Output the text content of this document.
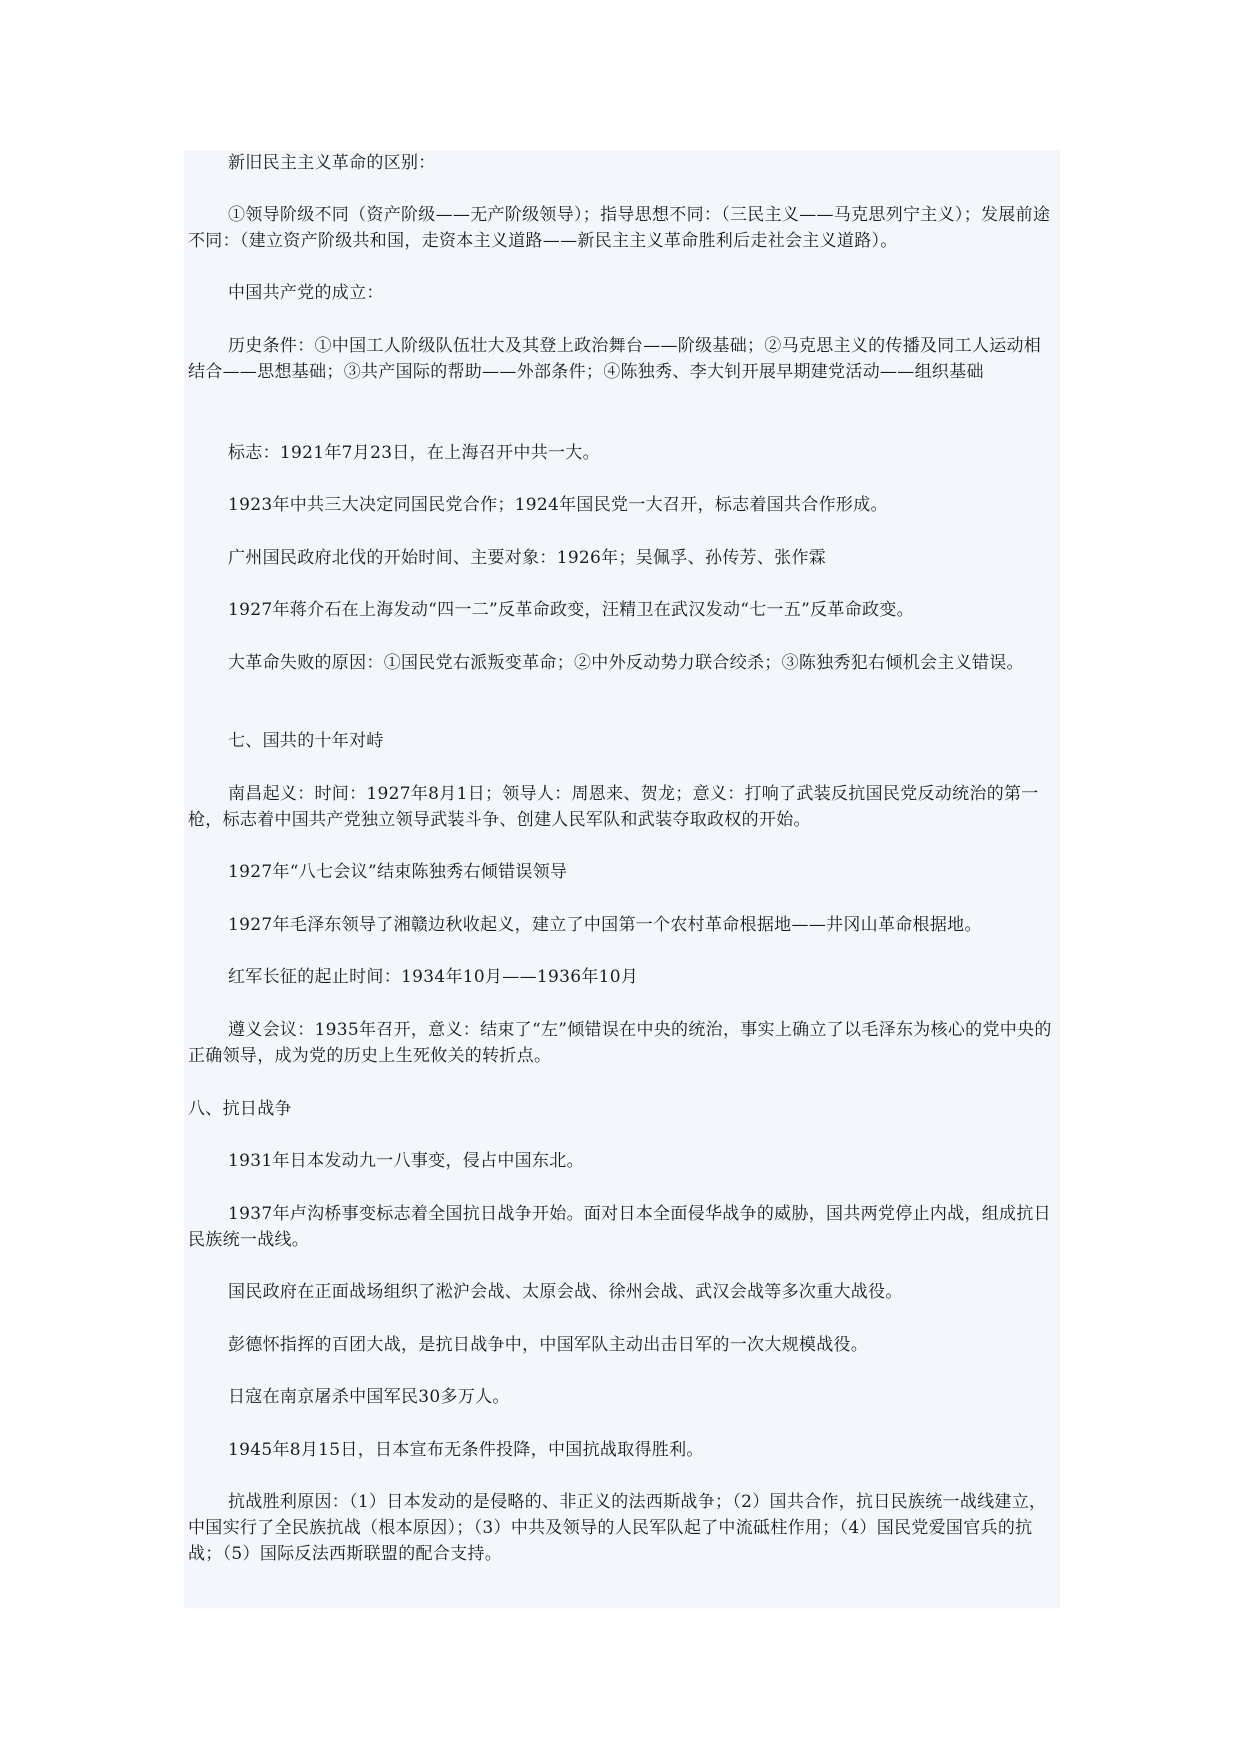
新旧民主主义革命的区别：
①领导阶级不同（资产阶级——无产阶级领导）；指导思想不同：（三民主义——马克思列宁主义）；发展前途不同：（建立资产阶级共和国，走资本主义道路——新民主主义革命胜利后走社会主义道路）。
中国共产党的成立：
历史条件：①中国工人阶级队伍壮大及其登上政治舞台——阶级基础；②马克思主义的传播及同工人运动相结合——思想基础；③共产国际的帮助——外部条件；④陈独秀、李大钊开展早期建党活动——组织基础
标志：1921年7月23日，在上海召开中共一大。
1923年中共三大决定同国民党合作；1924年国民党一大召开，标志着国共合作形成。
广州国民政府北伐的开始时间、主要对象：1926年；吴佩孚、孙传芳、张作霖
1927年蒋介石在上海发动“四一二”反革命政变，汪精卫在武汉发动“七一五”反革命政变。
大革命失败的原因：①国民党右派叛变革命；②中外反动势力联合绞杀；③陈独秀犯右倾机会主义错误。
七、国共的十年对峙
南昌起义：时间：1927年8月1日；领导人：周恩来、贺龙；意义：打响了武装反抗国民党反动统治的第一枪，标志着中国共产党独立领导武装斗争、创建人民军队和武装夺取政权的开始。
1927年“八七会议”结束陈独秀右倾错误领导
1927年毛泽东领导了湘赣边秋收起义，建立了中国第一个农村革命根据地——井冈山革命根据地。
红军长征的起止时间：1934年10月——1936年10月
遵义会议：1935年召开，意义：结束了“左”倾错误在中央的统治，事实上确立了以毛泽东为核心的党中央的正确领导，成为党的历史上生死攸关的转折点。
八、抗日战争
1931年日本发动九一八事变，侵占中国东北。
1937年卢沟桥事变标志着全国抗日战争开始。面对日本全面侵华战争的威胁，国共两党停止内战，组成抗日民族统一战线。
国民政府在正面战场组织了淞沪会战、太原会战、徐州会战、武汉会战等多次重大战役。
彭德怀指挥的百团大战，是抗日战争中，中国军队主动出击日军的一次大规模战役。
日寇在南京屠杀中国军民30多万人。
1945年8月15日，日本宣布无条件投降，中国抗战取得胜利。
抗战胜利原因：（1）日本发动的是侵略的、非正义的法西斯战争；（2）国共合作，抗日民族统一战线建立，中国实行了全民族抗战（根本原因）；（3）中共及领导的人民军队起了中流砥柱作用；（4）国民党爱国官兵的抗战；（5）国际反法西斯联盟的配合支持。
